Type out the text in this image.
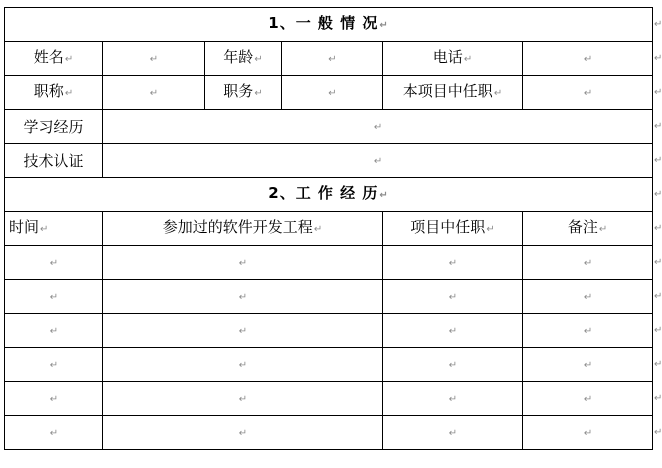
1、一 般 情 况↵					
姓名↵	↵	年龄↵	↵	电话↵	↵
职称↵	↵	职务↵	↵	本项目中任职↵	↵
学习经历	↵				
技术认证	↵				
2、工 作 经 历↵					
时间↵	参加过的软件开发工程↵			项目中任职↵	备注↵
↵	↵			↵	↵
↵	↵			↵	↵
↵	↵			↵	↵
↵	↵			↵	↵
↵	↵			↵	↵
↵	↵			↵	↵
↵
↵
↵
↵
↵
↵
↵
↵
↵
↵
↵
↵
↵
